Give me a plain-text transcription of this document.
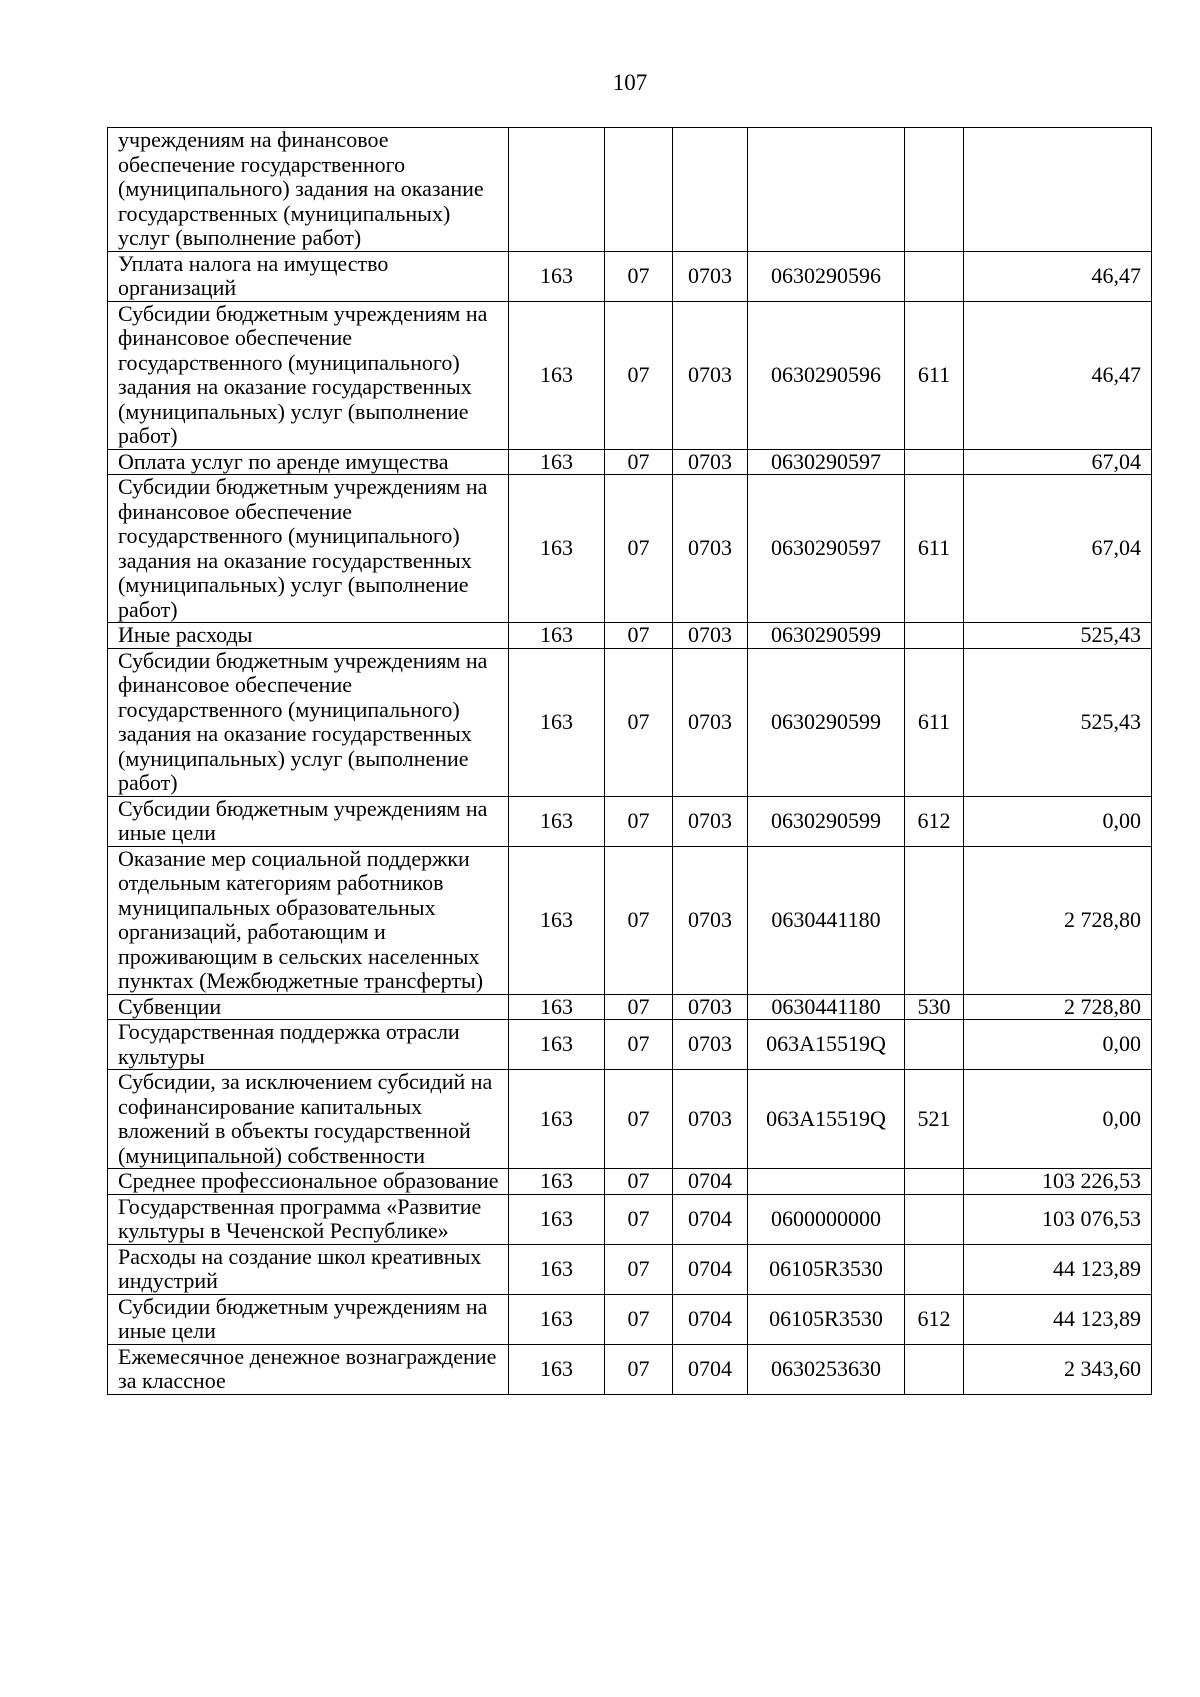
107
учреждениям на финансовое обеспечение государственного (муниципального) задания на оказание государственных (муниципальных) услуг (выполнение работ)						
Уплата налога на имущество организаций	163	07	0703	0630290596		46,47
Субсидии бюджетным учреждениям на финансовое обеспечение государственного (муниципального) задания на оказание государственных (муниципальных) услуг (выполнение работ)	163	07	0703	0630290596	611	46,47
Оплата услуг по аренде имущества	163	07	0703	0630290597		67,04
Субсидии бюджетным учреждениям на финансовое обеспечение государственного (муниципального) задания на оказание государственных (муниципальных) услуг (выполнение работ)	163	07	0703	0630290597	611	67,04
Иные расходы	163	07	0703	0630290599		525,43
Субсидии бюджетным учреждениям на финансовое обеспечение государственного (муниципального) задания на оказание государственных (муниципальных) услуг (выполнение работ)	163	07	0703	0630290599	611	525,43
Субсидии бюджетным учреждениям на иные цели	163	07	0703	0630290599	612	0,00
Оказание мер социальной поддержки отдельным категориям работников муниципальных образовательных организаций, работающим и проживающим в сельских населенных пунктах (Межбюджетные трансферты)	163	07	0703	0630441180		2 728,80
Субвенции	163	07	0703	0630441180	530	2 728,80
Государственная поддержка отрасли культуры	163	07	0703	063А15519Q		0,00
Субсидии, за исключением субсидий на софинансирование капитальных вложений в объекты государственной (муниципальной) собственности	163	07	0703	063А15519Q	521	0,00
Среднее профессиональное образование	163	07	0704			103 226,53
Государственная программа «Развитие культуры в Чеченской Республике»	163	07	0704	0600000000		103 076,53
Расходы на создание школ креативных индустрий	163	07	0704	06105R3530		44 123,89
Субсидии бюджетным учреждениям на иные цели	163	07	0704	06105R3530	612	44 123,89
Ежемесячное денежное вознаграждение за классное	163	07	0704	0630253630		2 343,60
